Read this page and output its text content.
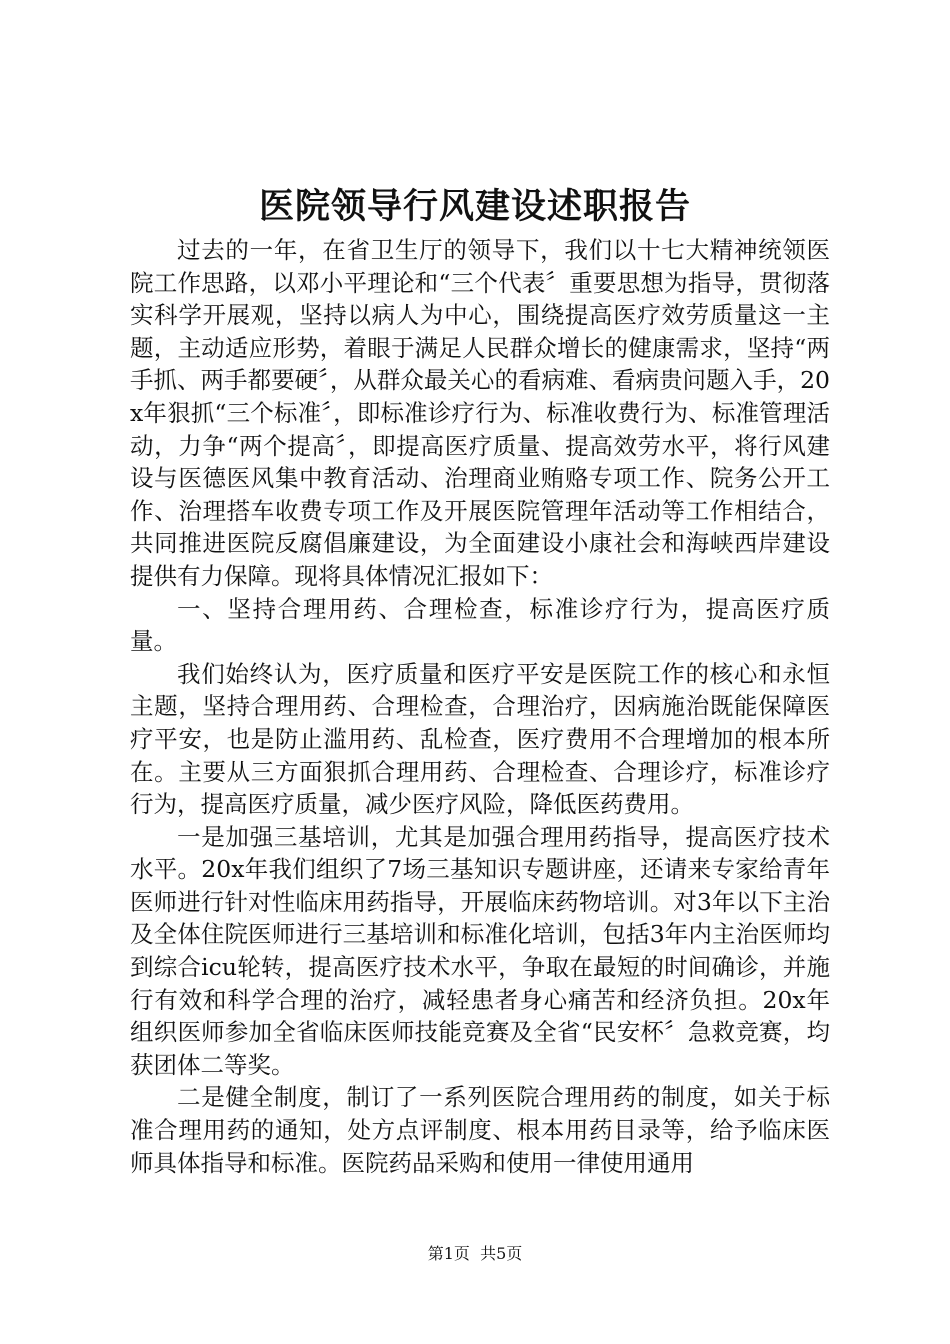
医院领导行风建设述职报告

过去的一年，在省卫生厅的领导下，我们以十七大精神统领医院工作思路，以邓小平理论和“三个代表〞重要思想为指导，贯彻落实科学开展观，坚持以病人为中心，围绕提高医疗效劳质量这一主题，主动适应形势，着眼于满足人民群众增长的健康需求，坚持“两手抓、两手都要硬〞，从群众最关心的看病难、看病贵问题入手，20x年狠抓“三个标准〞，即标准诊疗行为、标准收费行为、标准管理活动，力争“两个提高〞，即提高医疗质量、提高效劳水平，将行风建设与医德医风集中教育活动、治理商业贿赂专项工作、院务公开工作、治理搭车收费专项工作及开展医院管理年活动等工作相结合，共同推进医院反腐倡廉建设，为全面建设小康社会和海峡西岸建设提供有力保障。现将具体情况汇报如下：

一、坚持合理用药、合理检查，标准诊疗行为，提高医疗质量。

我们始终认为，医疗质量和医疗平安是医院工作的核心和永恒主题，坚持合理用药、合理检查，合理治疗，因病施治既能保障医疗平安，也是防止滥用药、乱检查，医疗费用不合理增加的根本所在。主要从三方面狠抓合理用药、合理检查、合理诊疗，标准诊疗行为，提高医疗质量，减少医疗风险，降低医药费用。

一是加强三基培训，尤其是加强合理用药指导，提高医疗技术水平。20x年我们组织了7场三基知识专题讲座，还请来专家给青年医师进行针对性临床用药指导，开展临床药物培训。对3年以下主治及全体住院医师进行三基培训和标准化培训，包括3年内主治医师均到综合icu轮转，提高医疗技术水平，争取在最短的时间确诊，并施行有效和科学合理的治疗，减轻患者身心痛苦和经济负担。20x年组织医师参加全省临床医师技能竞赛及全省“民安杯〞急救竞赛，均获团体二等奖。

二是健全制度，制订了一系列医院合理用药的制度，如关于标准合理用药的通知，处方点评制度、根本用药目录等，给予临床医师具体指导和标准。医院药品采购和使用一律使用通用

第1页 共5页
